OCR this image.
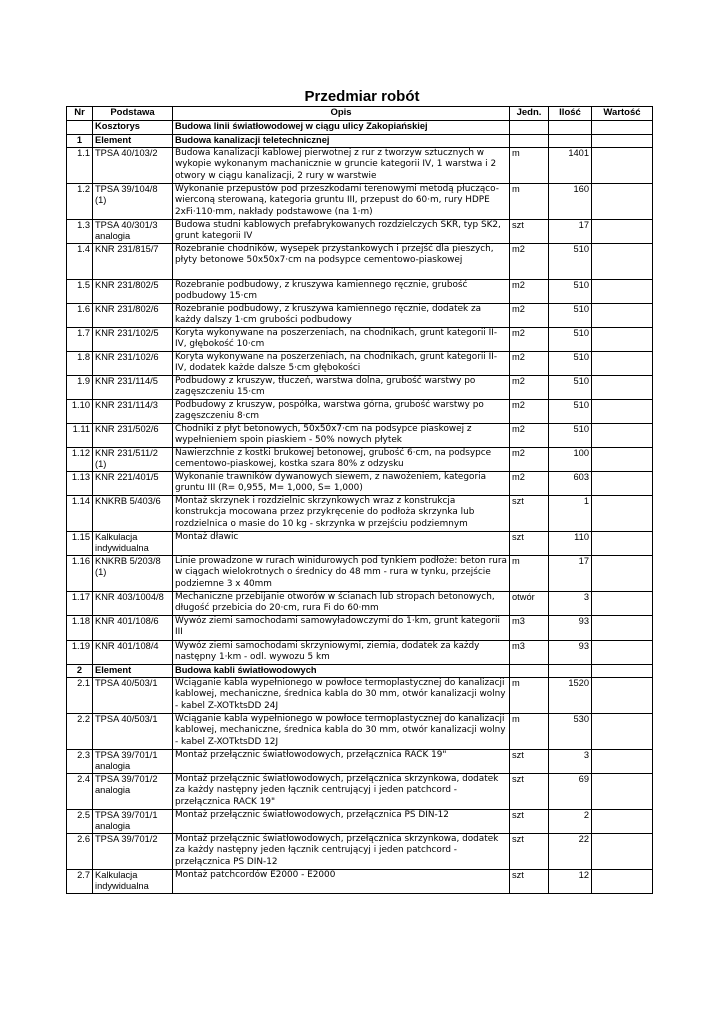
Przedmiar robót
Nr	Podstawa	Opis	Jedn.	Ilość	Wartość
	Kosztorys	Budowa linii światłowodowej w ciągu ulicy Zakopiańskiej			
1	Element	Budowa kanalizacji teletechnicznej			
1.1	TPSA 40/103/2	Budowa kanalizacji kablowej pierwotnej z rur z tworzyw sztucznych w wykopie wykonanym machanicznie w gruncie kategorii IV, 1 warstwa i 2 otwory w ciągu kanalizacji, 2 rury w warstwie	m	1401	
1.2	TPSA 39/104/8 (1)	Wykonanie przepustów pod przeszkodami terenowymi metodą płucząco-wierconą sterowaną, kategoria gruntu III, przepust do 60·m, rury HDPE 2xFi·110·mm, nakłady podstawowe (na 1·m)	m	160	
1.3	TPSA 40/301/3 analogia	Budowa studni kablowych prefabrykowanych rozdzielczych SKR, typ SK2, grunt kategorii IV	szt	17	
1.4	KNR 231/815/7	Rozebranie chodników, wysepek przystankowych i przejść dla pieszych, płyty betonowe 50x50x7·cm na podsypce cementowo-piaskowej	m2	510	
1.5	KNR 231/802/5	Rozebranie podbudowy, z kruszywa kamiennego ręcznie, grubość podbudowy 15·cm	m2	510	
1.6	KNR 231/802/6	Rozebranie podbudowy, z kruszywa kamiennego ręcznie, dodatek za każdy dalszy 1·cm grubości podbudowy	m2	510	
1.7	KNR 231/102/5	Koryta wykonywane na poszerzeniach, na chodnikach, grunt kategorii II-IV, głębokość 10·cm	m2	510	
1.8	KNR 231/102/6	Koryta wykonywane na poszerzeniach, na chodnikach, grunt kategorii II-IV, dodatek każde dalsze 5·cm głębokości	m2	510	
1.9	KNR 231/114/5	Podbudowy z kruszyw, tłuczeń, warstwa dolna, grubość warstwy po zagęszczeniu 15·cm	m2	510	
1.10	KNR 231/114/3	Podbudowy z kruszyw, pospółka, warstwa górna, grubość warstwy po zagęszczeniu 8·cm	m2	510	
1.11	KNR 231/502/6	Chodniki z płyt betonowych, 50x50x7·cm na podsypce piaskowej z wypełnieniem spoin piaskiem - 50% nowych płytek	m2	510	
1.12	KNR 231/511/2 (1)	Nawierzchnie z kostki brukowej betonowej, grubość 6·cm, na podsypce cementowo-piaskowej, kostka szara 80% z odzysku	m2	100	
1.13	KNR 221/401/5	Wykonanie trawników dywanowych siewem, z nawożeniem, kategoria gruntu III (R= 0,955, M= 1,000, S= 1,000)	m2	603	
1.14	KNKRB 5/403/6	Montaż skrzynek i rozdzielnic skrzynkowych wraz z konstrukcja konstrukcja mocowana przez przykręcenie do podłoża skrzynka lub rozdzielnica o masie do 10 kg - skrzynka w przejściu podziemnym	szt	1	
1.15	Kalkulacja indywidualna	Montaż dławic	szt	110	
1.16	KNKRB 5/203/8 (1)	Linie prowadzone w rurach winidurowych pod tynkiem podłoże: beton rura w ciągach wielokrotnych o średnicy do 48 mm - rura w tynku, przejście podziemne 3 x 40mm	m	17	
1.17	KNR 403/1004/8	Mechaniczne przebijanie otworów w ścianach lub stropach betonowych, długość przebicia do 20·cm, rura Fi do 60·mm	otwór	3	
1.18	KNR 401/108/6	Wywóz ziemi samochodami samowyładowczymi do 1·km, grunt kategorii III	m3	93	
1.19	KNR 401/108/4	Wywóz ziemi samochodami skrzyniowymi, ziemia, dodatek za każdy następny 1·km - odl. wywozu 5 km	m3	93	
2	Element	Budowa kabli światłowodowych			
2.1	TPSA 40/503/1	Wciąganie kabla wypełnionego w powłoce termoplastycznej do kanalizacji kablowej, mechaniczne, średnica kabla do 30 mm, otwór kanalizacji wolny - kabel Z-XOTktsDD 24J	m	1520	
2.2	TPSA 40/503/1	Wciąganie kabla wypełnionego w powłoce termoplastycznej do kanalizacji kablowej, mechaniczne, średnica kabla do 30 mm, otwór kanalizacji wolny - kabel Z-XOTktsDD 12J	m	530	
2.3	TPSA 39/701/1 analogia	Montaż przełącznic światłowodowych, przełącznica RACK 19"	szt	3	
2.4	TPSA 39/701/2 analogia	Montaż przełącznic światłowodowych, przełącznica skrzynkowa, dodatek za każdy następny jeden łącznik centrującyj i jeden patchcord - przełącznica RACK 19"	szt	69	
2.5	TPSA 39/701/1 analogia	Montaż przełącznic światłowodowych, przełącznica PS DIN-12	szt	2	
2.6	TPSA 39/701/2	Montaż przełącznic światłowodowych, przełącznica skrzynkowa, dodatek za każdy następny jeden łącznik centrującyj i jeden patchcord - przełącznica PS DIN-12	szt	22	
2.7	Kalkulacja indywidualna	Montaż patchcordów E2000 - E2000	szt	12	
